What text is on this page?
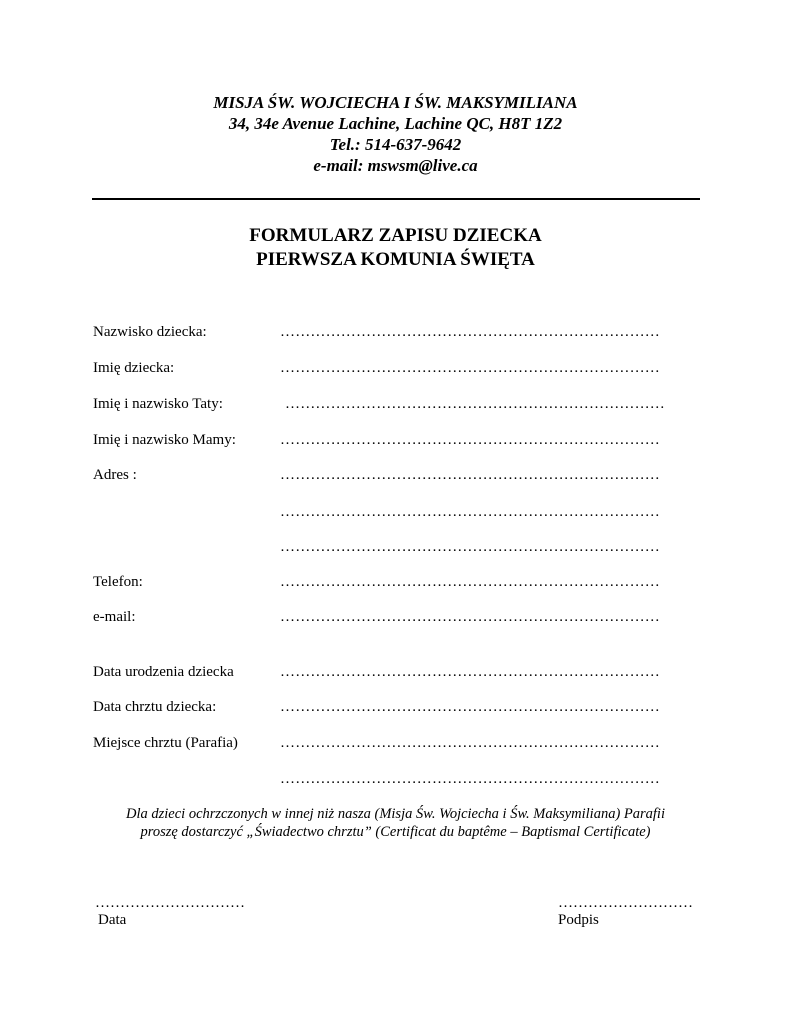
MISJA ŚW. WOJCIECHA I ŚW. MAKSYMILIANA
34, 34e Avenue Lachine, Lachine QC, H8T 1Z2
Tel.: 514-637-9642
e-mail: mswsm@live.ca
FORMULARZ ZAPISU DZIECKA
PIERWSZA KOMUNIA ŚWIĘTA
Nazwisko dziecka:	…………………………………………………………………
Imię dziecka:	…………………………………………………………………
Imię i nazwisko Taty:	…………………………………………………………………
Imię i nazwisko Mamy:	…………………………………………………………………
Adres :	…………………………………………………………………
…………………………………………………………………
…………………………………………………………………
Telefon:	…………………………………………………………………
e-mail:	…………………………………………………………………
Data urodzenia dziecka	…………………………………………………………………
Data chrztu dziecka:	…………………………………………………………………
Miejsce chrztu (Parafia)	…………………………………………………………………
…………………………………………………………………
Dla dzieci ochrzczonych w innej niż nasza (Misja Św. Wojciecha i Św. Maksymiliana) Parafii
proszę dostarczyć „Świadectwo chrztu” (Certificat du baptême – Baptismal Certificate)
…………………………
Data
………………………
Podpis
